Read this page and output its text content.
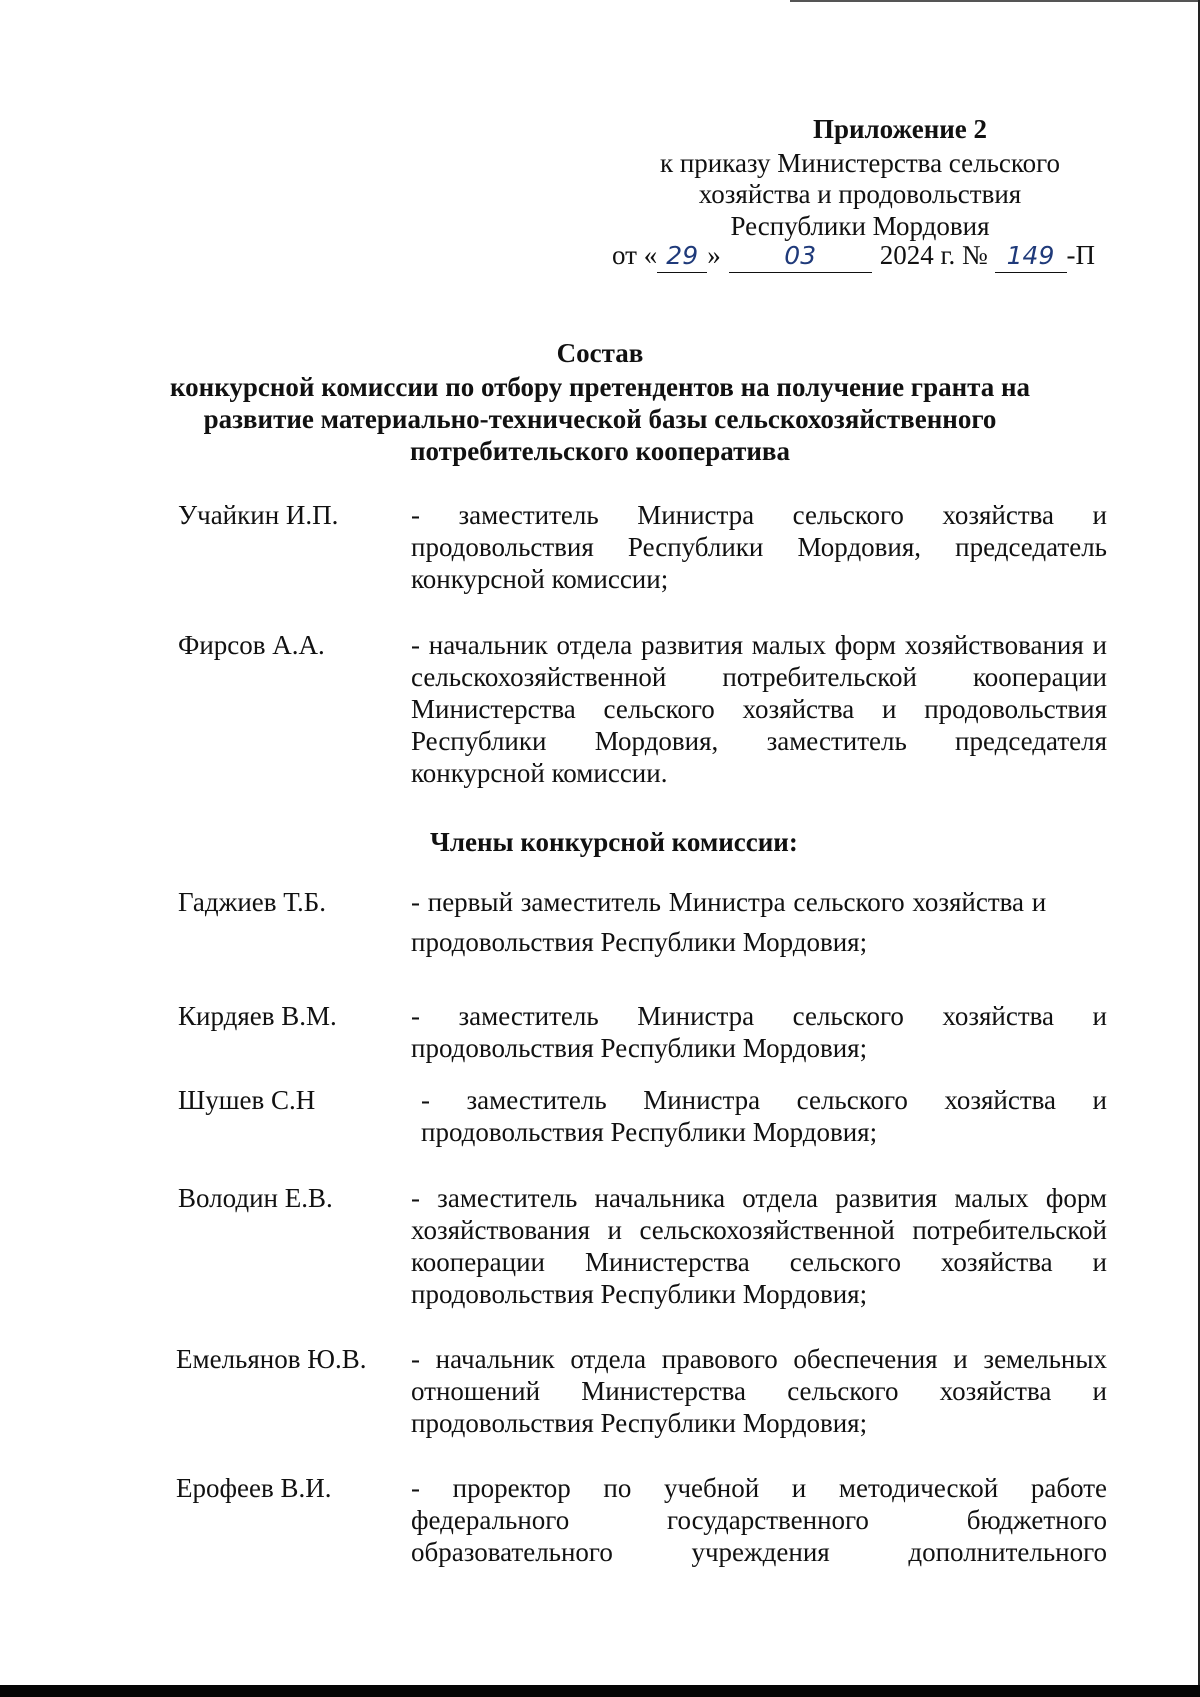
Приложение 2
к приказу Министерства сельского
хозяйства и продовольствия
Республики Мордовия
от « 29 »	03 2024 г. № 149 -П
Состав
конкурсной комиссии по отбору претендентов на получение гранта на
развитие материально-технической базы сельскохозяйственного
потребительского кооператива
Учайкин И.П.	- заместитель Министра сельского хозяйства и продовольствия Республики Мордовия, председатель конкурсной комиссии;
Фирсов А.А.	- начальник отдела развития малых форм хозяйствования и сельскохозяйственной потребительской кооперации Министерства сельского хозяйства и продовольствия Республики Мордовия, заместитель председателя конкурсной комиссии.
Члены конкурсной комиссии:
Гаджиев Т.Б.	- первый заместитель Министра сельского хозяйства и
продовольствия Республики Мордовия;
Кирдяев В.М.	- заместитель Министра сельского хозяйства и продовольствия Республики Мордовия;
Шушев С.Н	- заместитель Министра сельского хозяйства и продовольствия Республики Мордовия;
Володин Е.В.	- заместитель начальника отдела развития малых форм хозяйствования и сельскохозяйственной потребительской кооперации Министерства сельского хозяйства и продовольствия Республики Мордовия;
Емельянов Ю.В. - начальник отдела правового обеспечения и земельных отношений Министерства сельского хозяйства и продовольствия Республики Мордовия;
Ерофеев В.И.	- проректор по учебной и методической работе федерального государственного бюджетного образовательного учреждения дополнительного
